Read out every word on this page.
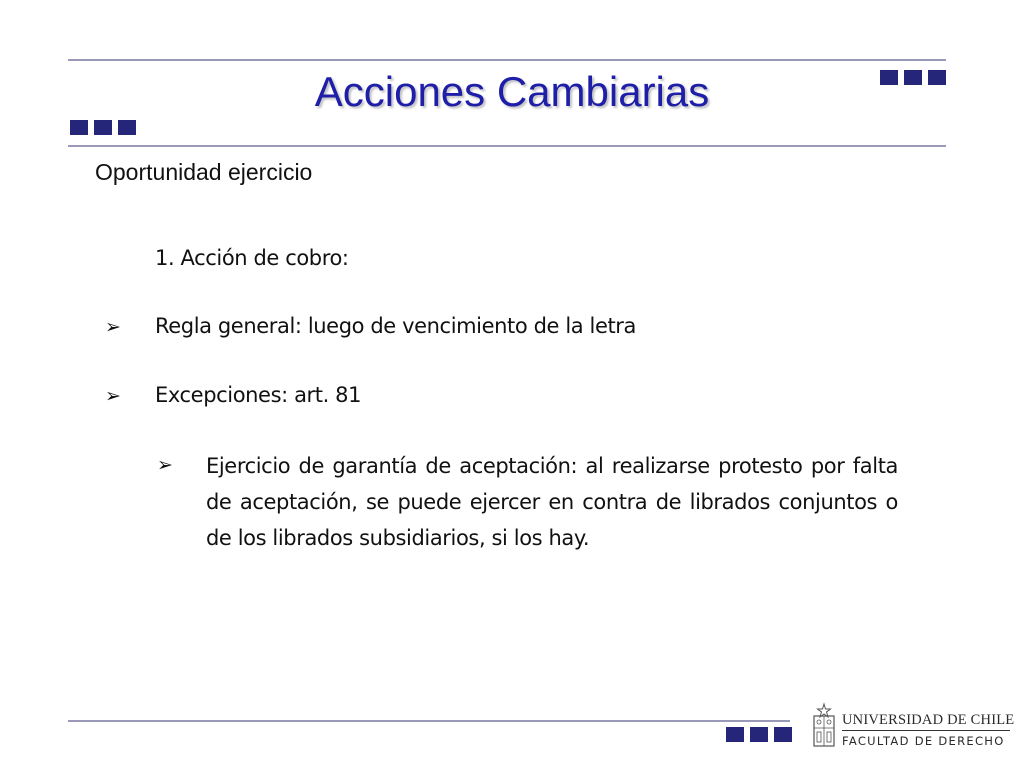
Acciones Cambiarias
Oportunidad ejercicio
1. Acción de cobro:
➢ Regla general: luego de vencimiento de la letra
➢ Excepciones: art. 81
➢ Ejercicio de garantía de aceptación: al realizarse protesto por falta de aceptación, se puede ejercer en contra de librados conjuntos o de los librados subsidiarios, si los hay.
UNIVERSIDAD DE CHILE
FACULTAD DE DERECHO
